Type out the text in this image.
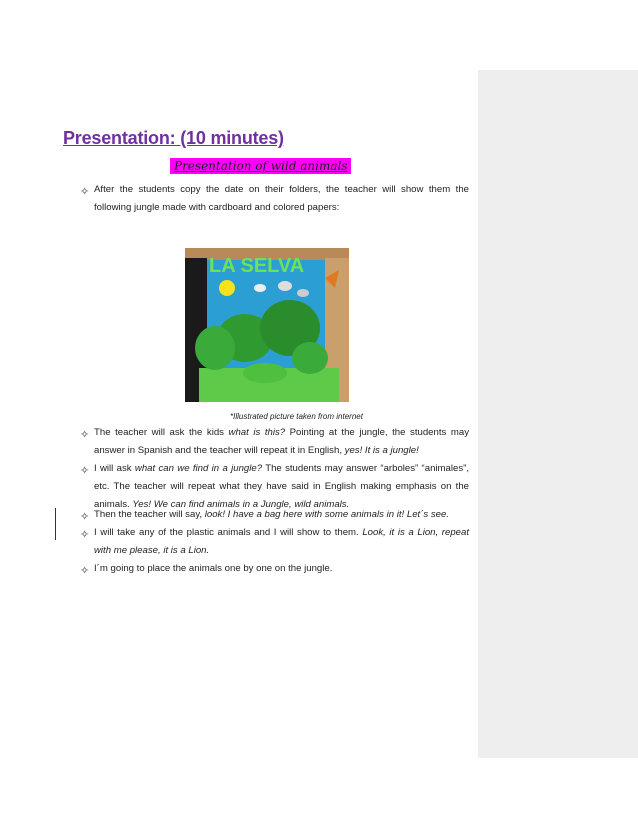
Presentation: (10 minutes)
Presentation of wild animals
✧ After the students copy the date on their folders, the teacher will show them the following jungle made with cardboard and colored papers:
LA SELVA
*Illustrated picture taken from internet
✧ The teacher will ask the kids what is this? Pointing at the jungle, the students may answer in Spanish and the teacher will repeat it in English, yes! It is a jungle!
✧ I will ask what can we find in a jungle? The students may answer “arboles” “animales”, etc. The teacher will repeat what they have said in English making emphasis on the animals. Yes! We can find animals in a Jungle, wild animals.
✧ Then the teacher will say, look! I have a bag here with some animals in it! Let´s see.
✧ I will take any of the plastic animals and I will show to them. Look, it is a Lion, repeat with me please, it is a Lion.
✧ I´m going to place the animals one by one on the jungle.
